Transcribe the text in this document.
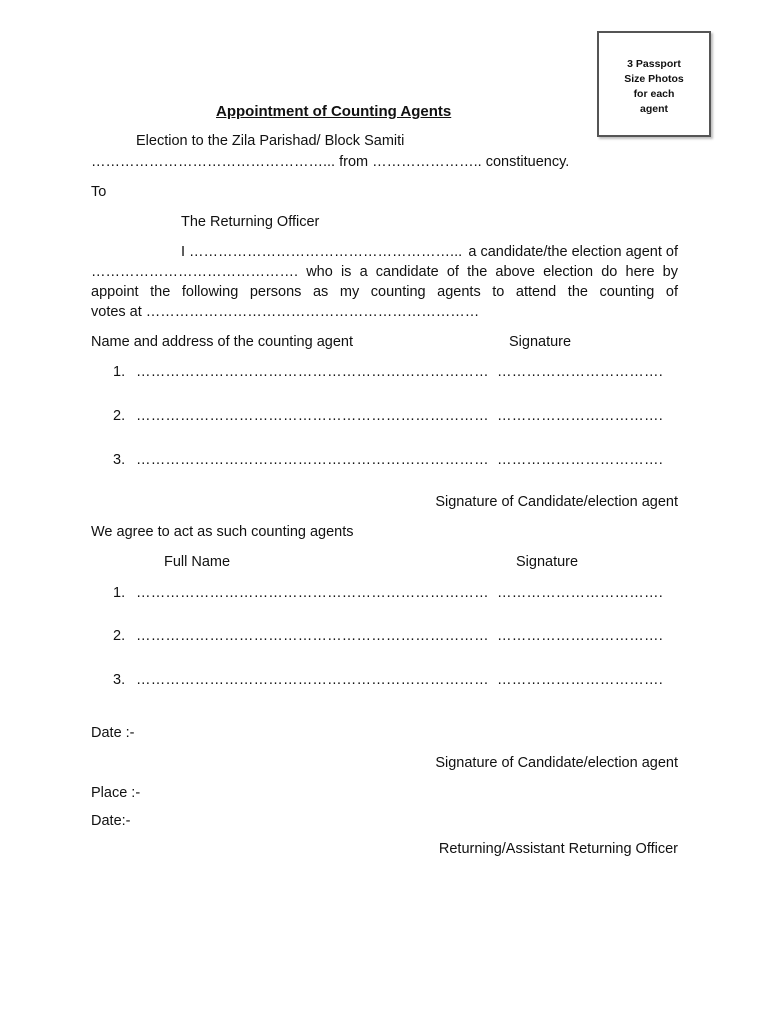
3 Passport
Size Photos
for each
agent
Appointment of Counting Agents
Election to the Zila Parishad/ Block Samiti
…………………………………………... from ………………….. constituency.
To
The Returning Officer
I ………………………………………………... a candidate/the election agent of
……………………………………. who is a candidate of the above election do here by
appoint the following persons as my counting agents to attend the counting of
votes at ……………………………………………………………
Name and address of the counting agent	Signature
1. ……………………………………………………………… …………………………….
2. ……………………………………………………………… …………………………….
3. ……………………………………………………………… …………………………….
Signature of Candidate/election agent
We agree to act as such counting agents
Full Name	Signature
1. ……………………………………………………………… …………………………….
2. ……………………………………………………………… …………………………….
3. ……………………………………………………………… …………………………….
Date :-
Signature of Candidate/election agent
Place :-
Date:-
Returning/Assistant Returning Officer
